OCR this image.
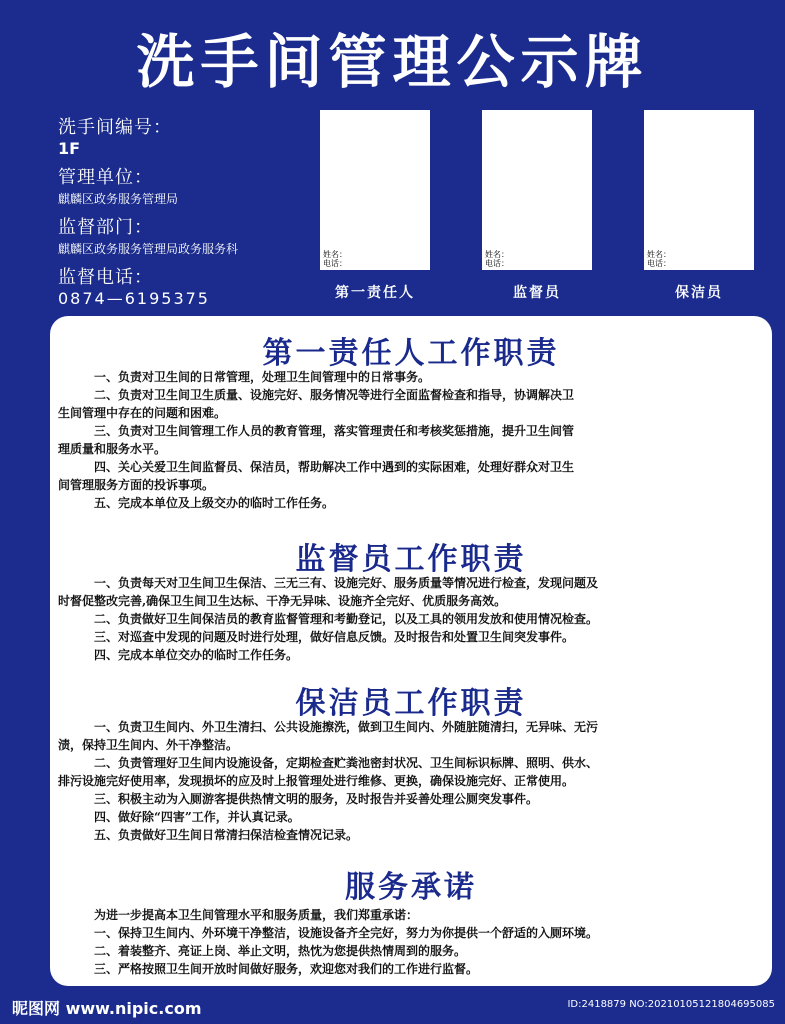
洗手间管理公示牌
洗手间编号：
1F
管理单位：
麒麟区政务服务管理局
监督部门：
麒麟区政务服务管理局政务服务科
监督电话：
0874—6195375
姓名：
电话：
姓名：
电话：
姓名：
电话：
第一责任人	监督员	保洁员
第一责任人工作职责

一、负责对卫生间的日常管理，处理卫生间管理中的日常事务。

二、负责对卫生间卫生质量、设施完好、服务情况等进行全面监督检查和指导，协调解决卫

生间管理中存在的问题和困难。

三、负责对卫生间管理工作人员的教育管理，落实管理责任和考核奖惩措施，提升卫生间管

理质量和服务水平。

四、关心关爱卫生间监督员、保洁员，帮助解决工作中遇到的实际困难，处理好群众对卫生

间管理服务方面的投诉事项。

五、完成本单位及上级交办的临时工作任务。

监督员工作职责

一、负责每天对卫生间卫生保洁、三无三有、设施完好、服务质量等情况进行检查，发现问题及

时督促整改完善,确保卫生间卫生达标、干净无异味、设施齐全完好、优质服务高效。

二、负责做好卫生间保洁员的教育监督管理和考勤登记，以及工具的领用发放和使用情况检查。

三、对巡查中发现的问题及时进行处理，做好信息反馈。及时报告和处置卫生间突发事件。

四、完成本单位交办的临时工作任务。

保洁员工作职责

一、负责卫生间内、外卫生清扫、公共设施擦洗，做到卫生间内、外随脏随清扫，无异味、无污

渍，保持卫生间内、外干净整洁。

二、负责管理好卫生间内设施设备，定期检查贮粪池密封状况、卫生间标识标牌、照明、供水、

排污设施完好使用率，发现损坏的应及时上报管理处进行维修、更换，确保设施完好、正常使用。

三、积极主动为入厕游客提供热情文明的服务，及时报告并妥善处理公厕突发事件。

四、做好除“四害”工作，并认真记录。

五、负责做好卫生间日常清扫保洁检查情况记录。

服务承诺

为进一步提高本卫生间管理水平和服务质量，我们郑重承诺：

一、保持卫生间内、外环境干净整洁，设施设备齐全完好，努力为你提供一个舒适的入厕环境。

二、着装整齐、亮证上岗、举止文明，热忱为您提供热情周到的服务。

三、严格按照卫生间开放时间做好服务，欢迎您对我们的工作进行监督。

昵图网 www.nipic.com	ID:2418879 NO:20210105121804695085
